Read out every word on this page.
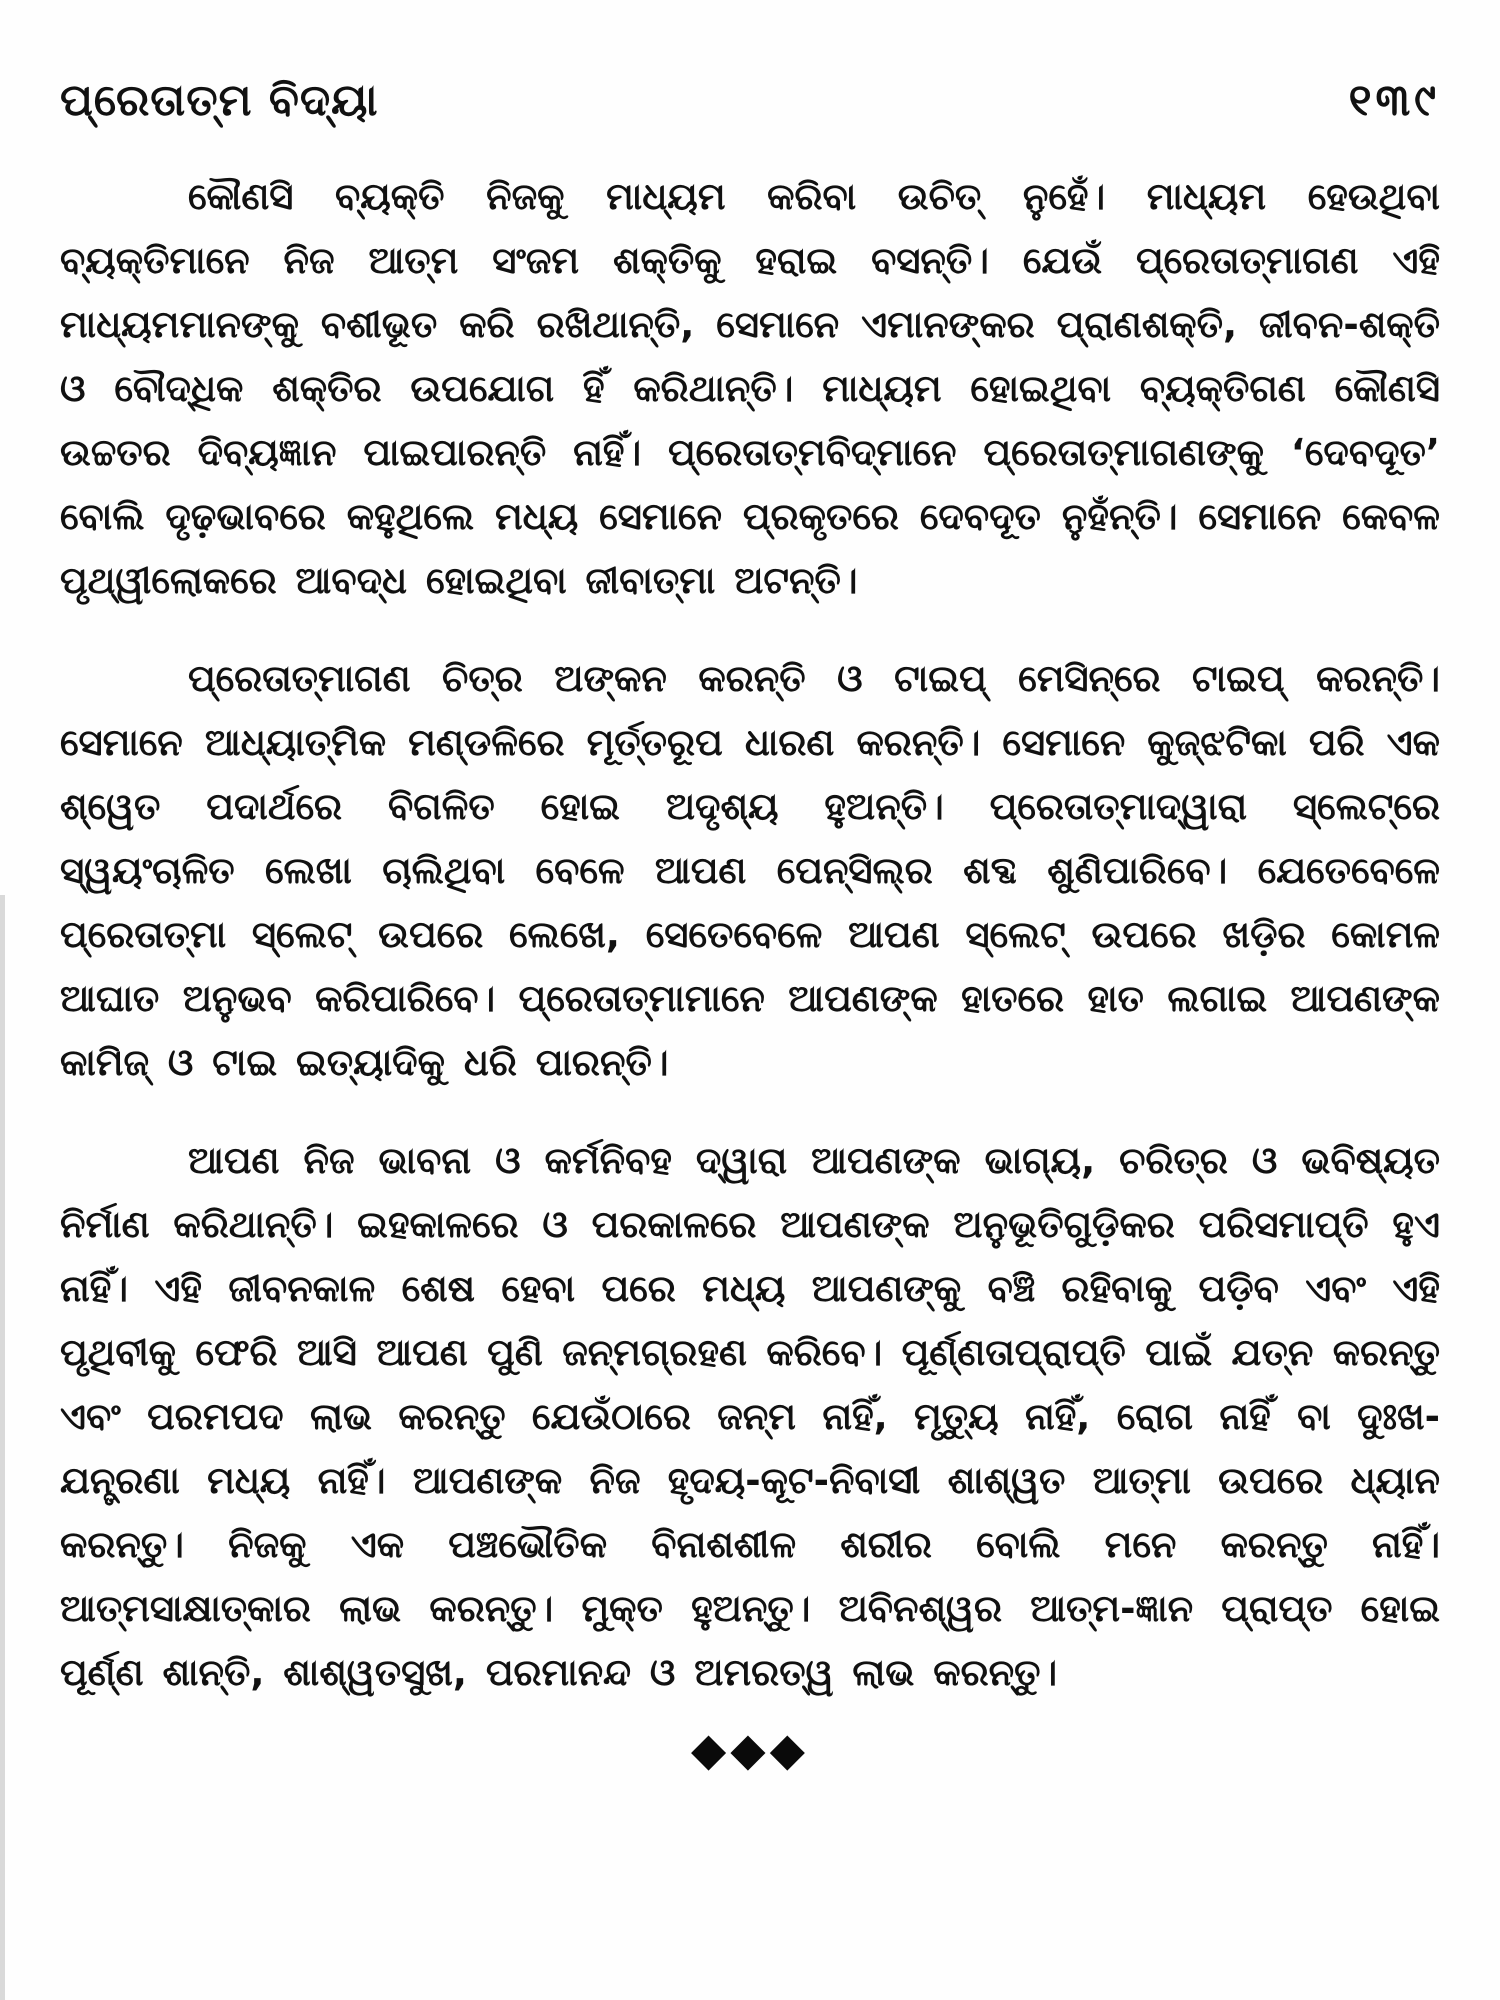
ପ୍ରେତାତ୍ମ ବିଦ୍ୟା	୧୩୯

କୌଣସି ବ୍ୟକ୍ତି ନିଜକୁ ମାଧ୍ୟମ କରିବା ଉଚିତ୍ ନୁହେଁ। ମାଧ୍ୟମ ହେଉଥିବା ବ୍ୟକ୍ତିମାନେ ନିଜ ଆତ୍ମ ସଂଜମ ଶକ୍ତିକୁ ହରାଇ ବସନ୍ତି। ଯେଉଁ ପ୍ରେତାତ୍ମାଗଣ ଏହି ମାଧ୍ୟମମାନଙ୍କୁ ବଶୀଭୂତ କରି ରଖିଥାନ୍ତି, ସେମାନେ ଏମାନଙ୍କର ପ୍ରାଣଶକ୍ତି, ଜୀବନ-ଶକ୍ତି ଓ ବୌଦ୍ଧିକ ଶକ୍ତିର ଉପଯୋଗ ହିଁ କରିଥାନ୍ତି। ମାଧ୍ୟମ ହୋଇଥିବା ବ୍ୟକ୍ତିଗଣ କୌଣସି ଉଚ୍ଚତର ଦିବ୍ୟଜ୍ଞାନ ପାଇପାରନ୍ତି ନାହିଁ। ପ୍ରେତାତ୍ମବିଦ୍‌ମାନେ ପ୍ରେତାତ୍ମାଗଣଙ୍କୁ ‘ଦେବଦୂତ’ ବୋଲି ଦୃଢ଼ଭାବରେ କହୁଥିଲେ ମଧ୍ୟ ସେମାନେ ପ୍ରକୃତରେ ଦେବଦୂତ ନୁହଁନ୍ତି। ସେମାନେ କେବଳ ପୃଥ୍ୱୀଲୋକରେ ଆବଦ୍ଧ ହୋଇଥିବା ଜୀବାତ୍ମା ଅଟନ୍ତି।

ପ୍ରେତାତ୍ମାଗଣ ଚିତ୍ର ଅଙ୍କନ କରନ୍ତି ଓ ଟାଇପ୍ ମେସିନ୍‌ରେ ଟାଇପ୍ କରନ୍ତି। ସେମାନେ ଆଧ୍ୟାତ୍ମିକ ମଣ୍ଡଳିରେ ମୂର୍ତ୍ତରୂପ ଧାରଣ କରନ୍ତି। ସେମାନେ କୁଜ୍‌ଝଟିକା ପରି ଏକ ଶ୍ୱେତ ପଦାର୍ଥରେ ବିଗଳିତ ହୋଇ ଅଦୃଶ୍ୟ ହୁଅନ୍ତି। ପ୍ରେତାତ୍ମାଦ୍ୱାରା ସ୍ଲେଟ୍‌ରେ ସ୍ୱୟଂଚାଳିତ ଲେଖା ଚାଲିଥିବା ବେଳେ ଆପଣ ପେନ୍‌ସିଲ୍‌ର ଶବ୍ଦ ଶୁଣିପାରିବେ। ଯେତେବେଳେ ପ୍ରେତାତ୍ମା ସ୍ଲେଟ୍ ଉପରେ ଲେଖେ, ସେତେବେଳେ ଆପଣ ସ୍ଲେଟ୍ ଉପରେ ଖଡ଼ିର କୋମଳ ଆଘାତ ଅନୁଭବ କରିପାରିବେ। ପ୍ରେତାତ୍ମାମାନେ ଆପଣଙ୍କ ହାତରେ ହାତ ଲଗାଇ ଆପଣଙ୍କ କାମିଜ୍ ଓ ଟାଇ ଇତ୍ୟାଦିକୁ ଧରି ପାରନ୍ତି।

ଆପଣ ନିଜ ଭାବନା ଓ କର୍ମନିବହ ଦ୍ୱାରା ଆପଣଙ୍କ ଭାଗ୍ୟ, ଚରିତ୍ର ଓ ଭବିଷ୍ୟତ ନିର୍ମାଣ କରିଥାନ୍ତି। ଇହକାଳରେ ଓ ପରକାଳରେ ଆପଣଙ୍କ ଅନୁଭୂତିଗୁଡ଼ିକର ପରିସମାପ୍ତି ହୁଏ ନାହିଁ। ଏହି ଜୀବନକାଳ ଶେଷ ହେବା ପରେ ମଧ୍ୟ ଆପଣଙ୍କୁ ବଞ୍ଚି ରହିବାକୁ ପଡ଼ିବ ଏବଂ ଏହି ପୃଥିବୀକୁ ଫେରି ଆସି ଆପଣ ପୁଣି ଜନ୍ମଗ୍ରହଣ କରିବେ। ପୂର୍ଣ୍ଣତାପ୍ରାପ୍ତି ପାଇଁ ଯତ୍ନ କରନ୍ତୁ ଏବଂ ପରମପଦ ଲାଭ କରନ୍ତୁ ଯେଉଁଠାରେ ଜନ୍ମ ନାହିଁ, ମୃତ୍ୟୁ ନାହିଁ, ରୋଗ ନାହିଁ ବା ଦୁଃଖ-ଯନ୍ତ୍ରଣା ମଧ୍ୟ ନାହିଁ। ଆପଣଙ୍କ ନିଜ ହୃଦୟ-କୂଟ-ନିବାସୀ ଶାଶ୍ୱତ ଆତ୍ମା ଉପରେ ଧ୍ୟାନ କରନ୍ତୁ। ନିଜକୁ ଏକ ପଞ୍ଚଭୌତିକ ବିନାଶଶୀଳ ଶରୀର ବୋଲି ମନେ କରନ୍ତୁ ନାହିଁ। ଆତ୍ମସାକ୍ଷାତ୍କାର ଲାଭ କରନ୍ତୁ। ମୁକ୍ତ ହୁଅନ୍ତୁ। ଅବିନଶ୍ୱର ଆତ୍ମ-ଜ୍ଞାନ ପ୍ରାପ୍ତ ହୋଇ ପୂର୍ଣ୍ଣ ଶାନ୍ତି, ଶାଶ୍ୱତସୁଖ, ପରମାନନ୍ଦ ଓ ଅମରତ୍ୱ ଲାଭ କରନ୍ତୁ।

◆◆◆
